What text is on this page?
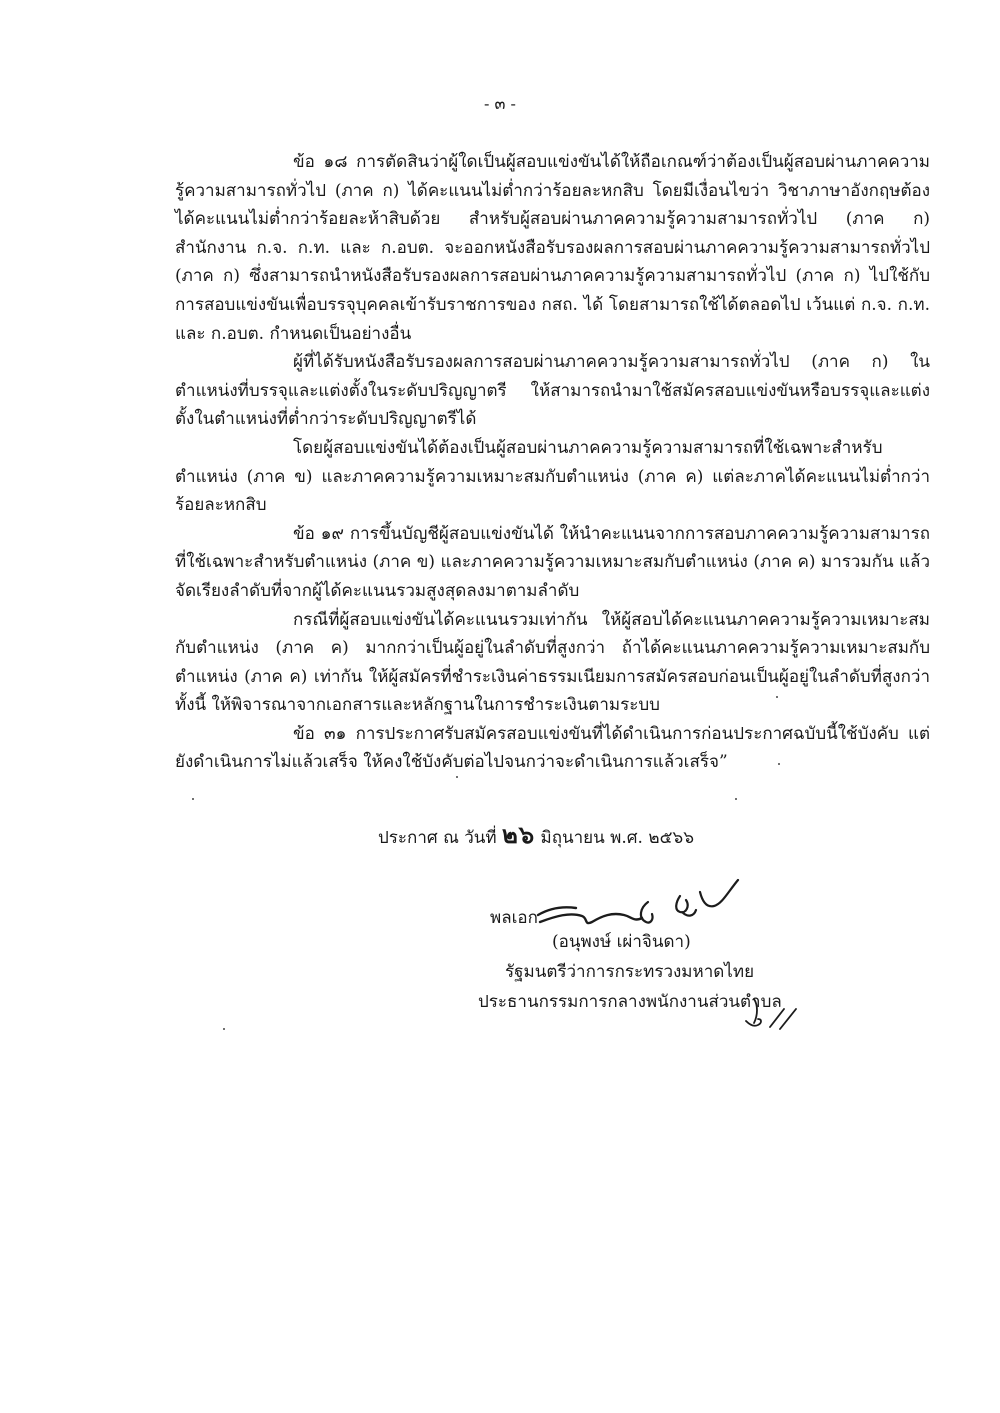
- ๓ -

ข้อ ๑๘ การตัดสินว่าผู้ใดเป็นผู้สอบแข่งขันได้ให้ถือเกณฑ์ว่าต้องเป็นผู้สอบผ่านภาคความรู้ความสามารถทั่วไป (ภาค ก) ได้คะแนนไม่ต่ำกว่าร้อยละหกสิบ โดยมีเงื่อนไขว่า วิชาภาษาอังกฤษต้องได้คะแนนไม่ต่ำกว่าร้อยละห้าสิบด้วย สำหรับผู้สอบผ่านภาคความรู้ความสามารถทั่วไป (ภาค ก) สำนักงาน ก.จ. ก.ท. และ ก.อบต. จะออกหนังสือรับรองผลการสอบผ่านภาคความรู้ความสามารถทั่วไป (ภาค ก) ซึ่งสามารถนำหนังสือรับรองผลการสอบผ่านภาคความรู้ความสามารถทั่วไป (ภาค ก) ไปใช้กับการสอบแข่งขันเพื่อบรรจุบุคคลเข้ารับราชการของ กสถ. ได้ โดยสามารถใช้ได้ตลอดไป เว้นแต่ ก.จ. ก.ท. และ ก.อบต. กำหนดเป็นอย่างอื่น

ผู้ที่ได้รับหนังสือรับรองผลการสอบผ่านภาคความรู้ความสามารถทั่วไป (ภาค ก) ในตำแหน่งที่บรรจุและแต่งตั้งในระดับปริญญาตรี ให้สามารถนำมาใช้สมัครสอบแข่งขันหรือบรรจุและแต่งตั้งในตำแหน่งที่ต่ำกว่าระดับปริญญาตรีได้

โดยผู้สอบแข่งขันได้ต้องเป็นผู้สอบผ่านภาคความรู้ความสามารถที่ใช้เฉพาะสำหรับตำแหน่ง (ภาค ข) และภาคความรู้ความเหมาะสมกับตำแหน่ง (ภาค ค) แต่ละภาคได้คะแนนไม่ต่ำกว่าร้อยละหกสิบ

ข้อ ๑๙ การขึ้นบัญชีผู้สอบแข่งขันได้ ให้นำคะแนนจากการสอบภาคความรู้ความสามารถที่ใช้เฉพาะสำหรับตำแหน่ง (ภาค ข) และภาคความรู้ความเหมาะสมกับตำแหน่ง (ภาค ค) มารวมกัน แล้วจัดเรียงลำดับที่จากผู้ได้คะแนนรวมสูงสุดลงมาตามลำดับ

กรณีที่ผู้สอบแข่งขันได้คะแนนรวมเท่ากัน ให้ผู้สอบได้คะแนนภาคความรู้ความเหมาะสมกับตำแหน่ง (ภาค ค) มากกว่าเป็นผู้อยู่ในลำดับที่สูงกว่า ถ้าได้คะแนนภาคความรู้ความเหมาะสมกับตำแหน่ง (ภาค ค) เท่ากัน ให้ผู้สมัครที่ชำระเงินค่าธรรมเนียมการสมัครสอบก่อนเป็นผู้อยู่ในลำดับที่สูงกว่า ทั้งนี้ ให้พิจารณาจากเอกสารและหลักฐานในการชำระเงินตามระบบ

ข้อ ๓๑ การประกาศรับสมัครสอบแข่งขันที่ได้ดำเนินการก่อนประกาศฉบับนี้ใช้บังคับ แต่ยังดำเนินการไม่แล้วเสร็จ ให้คงใช้บังคับต่อไปจนกว่าจะดำเนินการแล้วเสร็จ”

ประกาศ ณ วันที่ ๒๖ มิถุนายน พ.ศ. ๒๕๖๖
พลเอก
(อนุพงษ์ เผ่าจินดา)
รัฐมนตรีว่าการกระทรวงมหาดไทย
ประธานกรรมการกลางพนักงานส่วนตำบล
